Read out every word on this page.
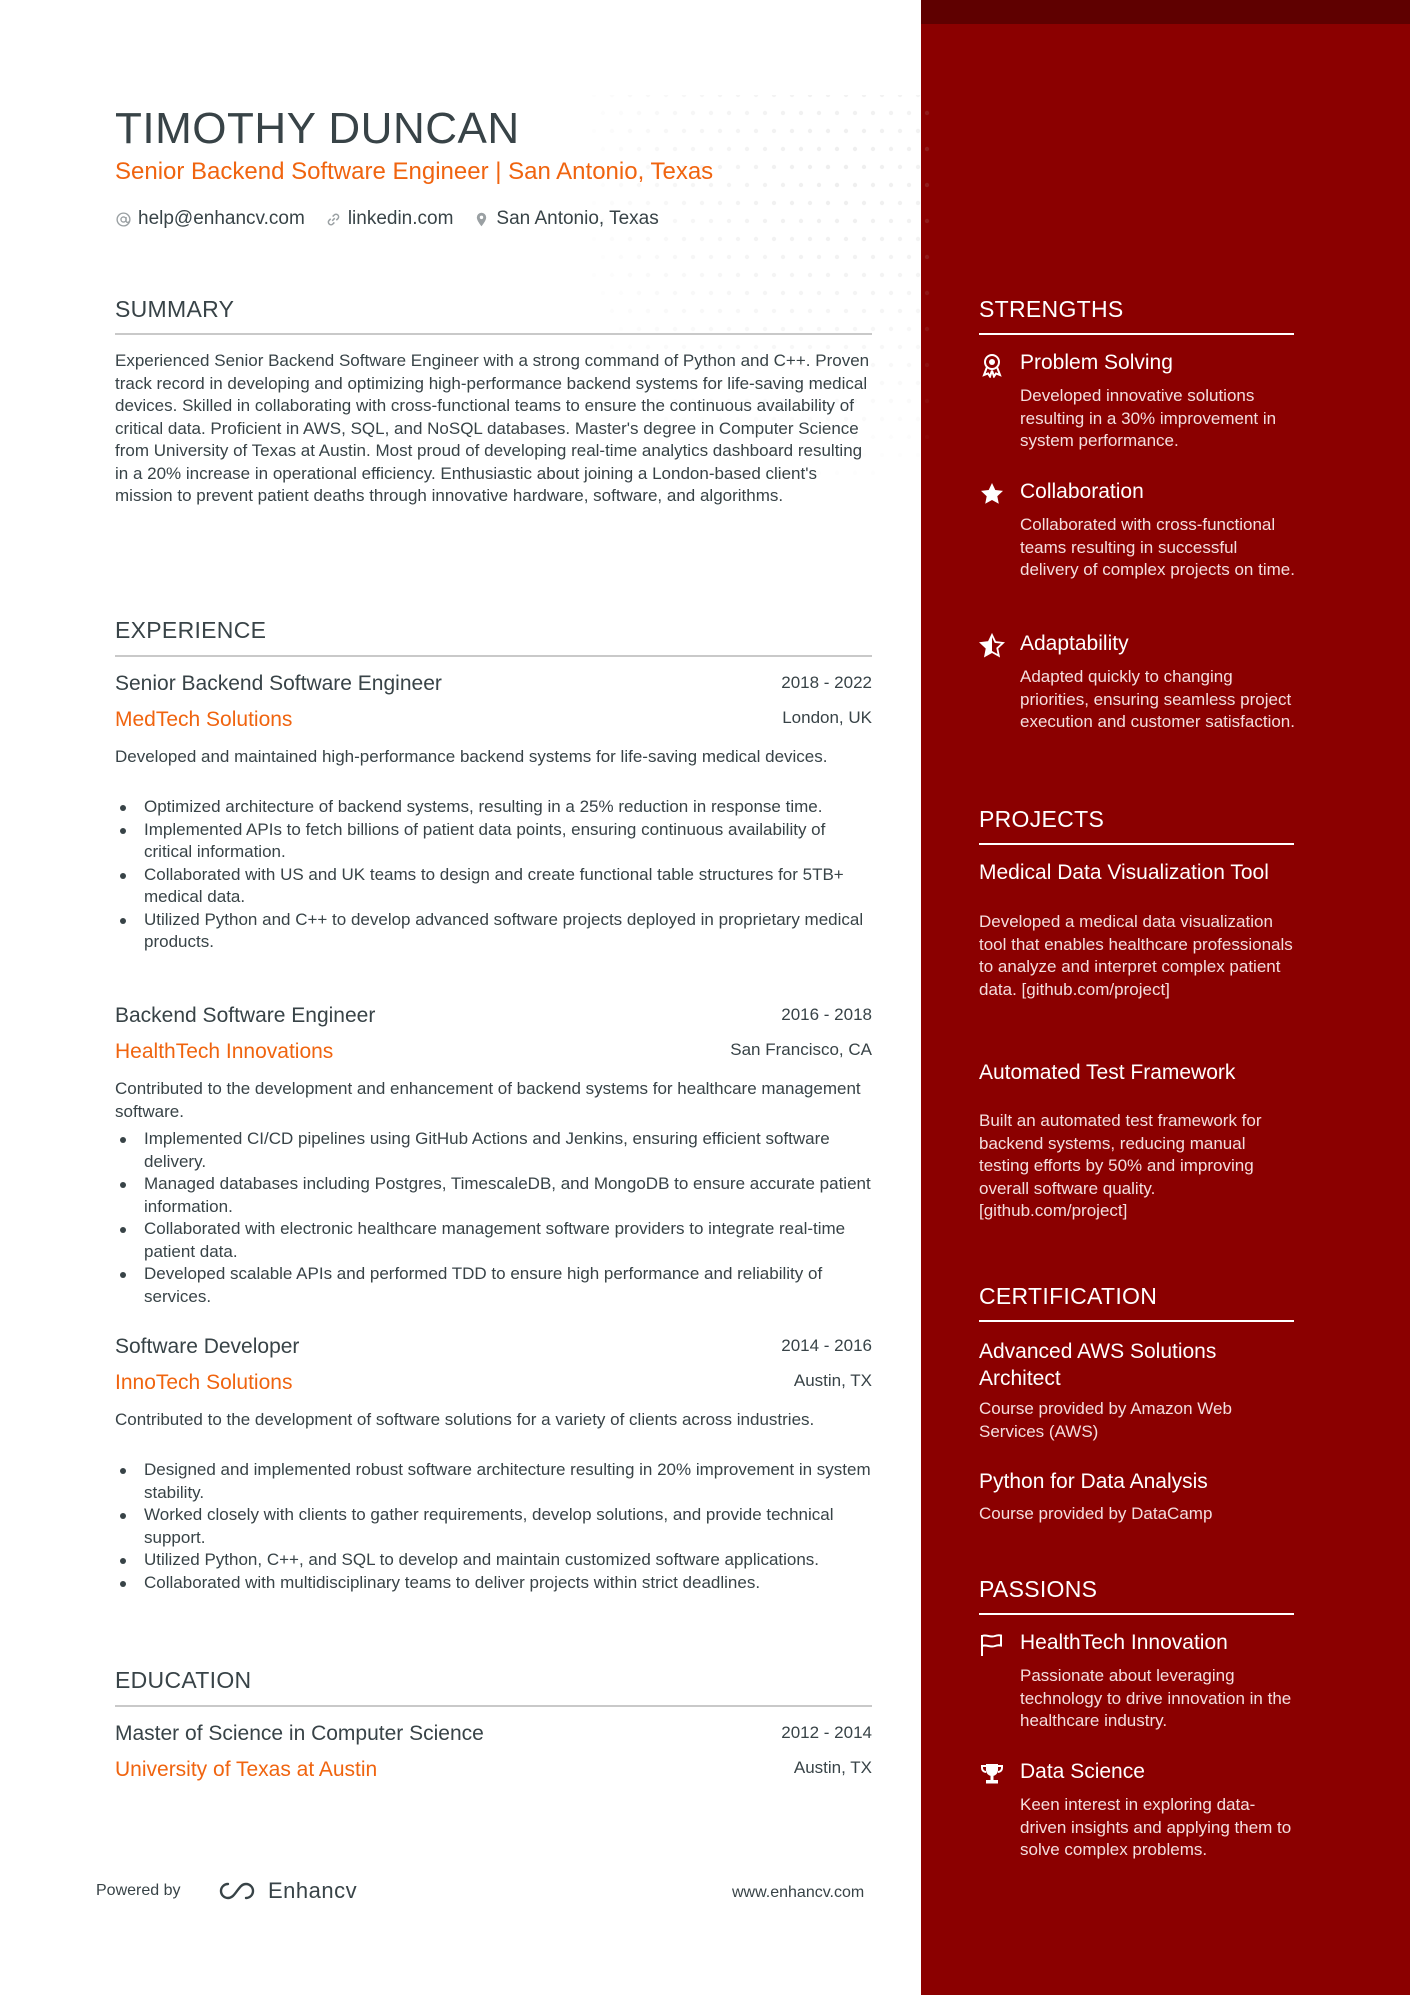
TIMOTHY DUNCAN
Senior Backend Software Engineer | San Antonio, Texas
help@enhancv.com linkedin.com San Antonio, Texas
SUMMARY
Experienced Senior Backend Software Engineer with a strong command of Python and C++. Proven track record in developing and optimizing high-performance backend systems for life-saving medical devices. Skilled in collaborating with cross-functional teams to ensure the continuous availability of critical data. Proficient in AWS, SQL, and NoSQL databases. Master's degree in Computer Science from University of Texas at Austin. Most proud of developing real-time analytics dashboard resulting in a 20% increase in operational efficiency. Enthusiastic about joining a London-based client's mission to prevent patient deaths through innovative hardware, software, and algorithms.
EXPERIENCE
Senior Backend Software Engineer	2018 - 2022
MedTech Solutions	London, UK
Developed and maintained high-performance backend systems for life-saving medical devices.
Optimized architecture of backend systems, resulting in a 25% reduction in response time.
Implemented APIs to fetch billions of patient data points, ensuring continuous availability of critical information.
Collaborated with US and UK teams to design and create functional table structures for 5TB+ medical data.
Utilized Python and C++ to develop advanced software projects deployed in proprietary medical products.
Backend Software Engineer	2016 - 2018
HealthTech Innovations	San Francisco, CA
Contributed to the development and enhancement of backend systems for healthcare management software.
Implemented CI/CD pipelines using GitHub Actions and Jenkins, ensuring efficient software delivery.
Managed databases including Postgres, TimescaleDB, and MongoDB to ensure accurate patient information.
Collaborated with electronic healthcare management software providers to integrate real-time patient data.
Developed scalable APIs and performed TDD to ensure high performance and reliability of services.
Software Developer	2014 - 2016
InnoTech Solutions	Austin, TX
Contributed to the development of software solutions for a variety of clients across industries.
Designed and implemented robust software architecture resulting in 20% improvement in system stability.
Worked closely with clients to gather requirements, develop solutions, and provide technical support.
Utilized Python, C++, and SQL to develop and maintain customized software applications.
Collaborated with multidisciplinary teams to deliver projects within strict deadlines.
EDUCATION
Master of Science in Computer Science	2012 - 2014
University of Texas at Austin	Austin, TX
STRENGTHS
Problem Solving
Developed innovative solutions resulting in a 30% improvement in system performance.
Collaboration
Collaborated with cross-functional teams resulting in successful delivery of complex projects on time.
Adaptability
Adapted quickly to changing priorities, ensuring seamless project execution and customer satisfaction.
PROJECTS
Medical Data Visualization Tool
Developed a medical data visualization tool that enables healthcare professionals to analyze and interpret complex patient data. [github.com/project]
Automated Test Framework
Built an automated test framework for backend systems, reducing manual testing efforts by 50% and improving overall software quality. [github.com/project]
CERTIFICATION
Advanced AWS Solutions Architect
Course provided by Amazon Web Services (AWS)
Python for Data Analysis
Course provided by DataCamp
PASSIONS
HealthTech Innovation
Passionate about leveraging technology to drive innovation in the healthcare industry.
Data Science
Keen interest in exploring data-driven insights and applying them to solve complex problems.
Powered by	Enhancv	www.enhancv.com
